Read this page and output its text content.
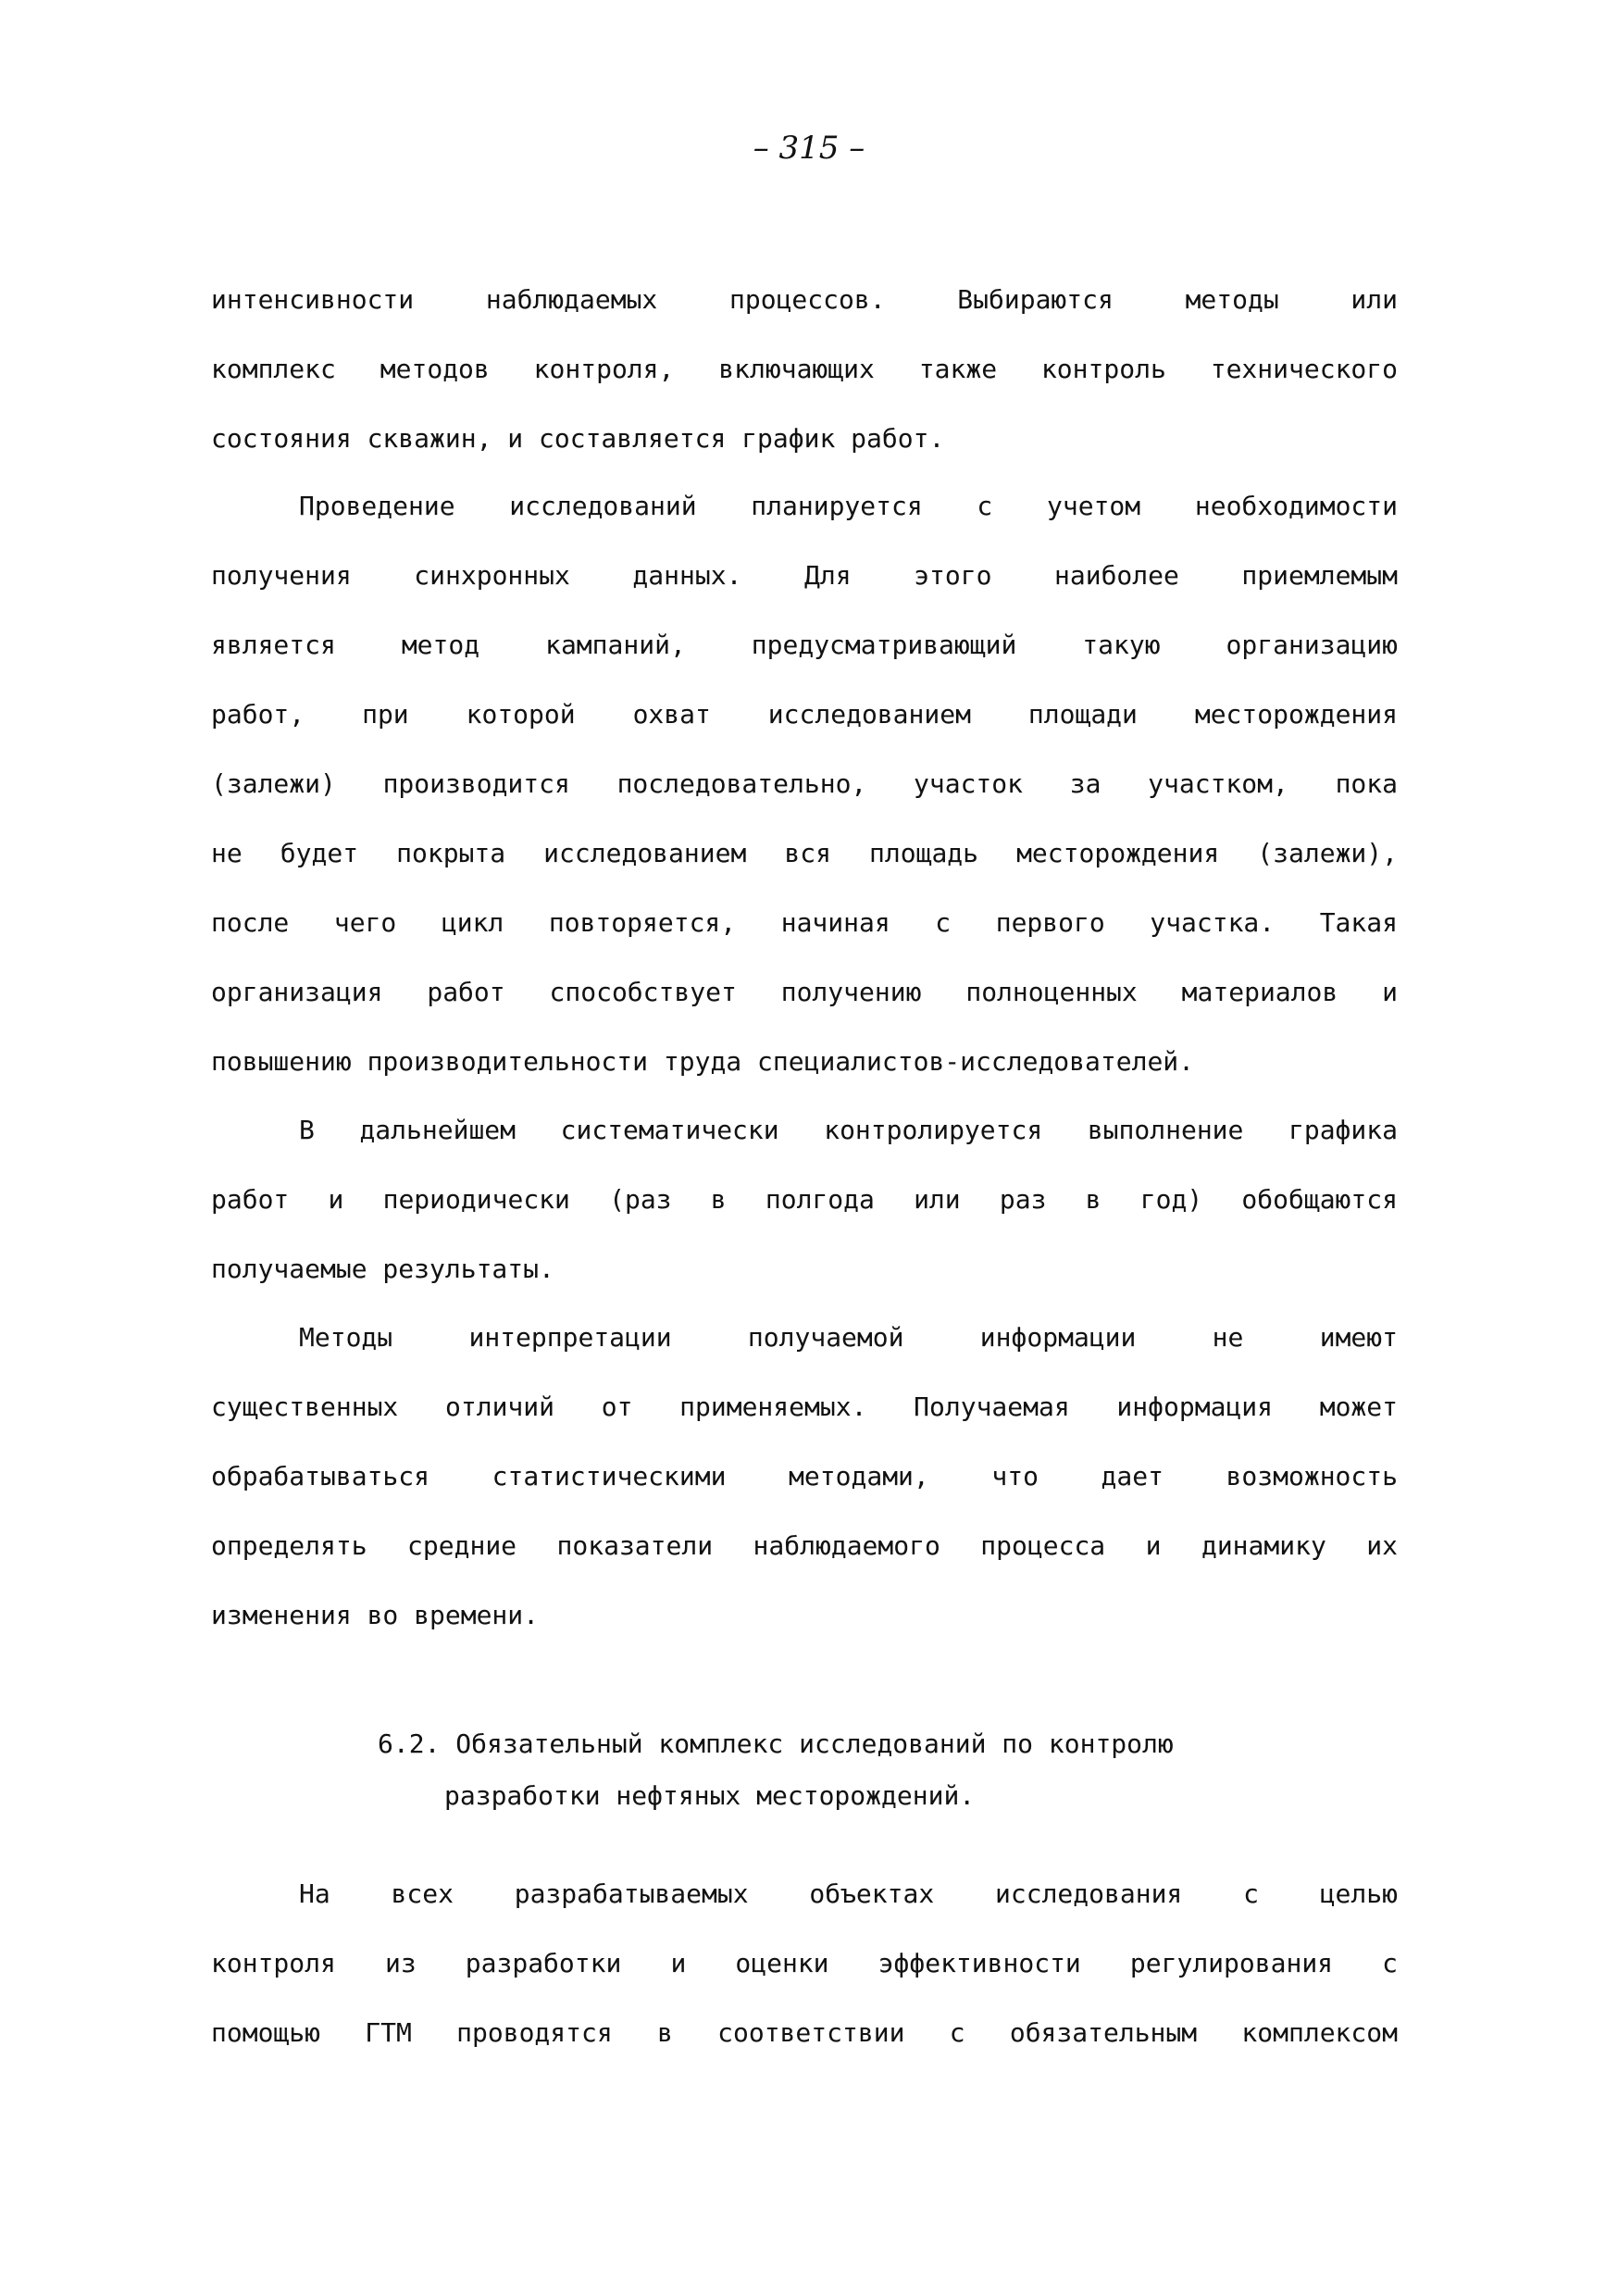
– 315 –
интенсивности наблюдаемых процессов. Выбираются методы или
комплекс методов контроля, включающих также контроль технического
состояния скважин, и составляется график работ.
Проведение исследований планируется с учетом необходимости
получения синхронных данных. Для этого наиболее приемлемым
является метод кампаний, предусматривающий такую организацию
работ, при которой охват исследованием площади месторождения
(залежи) производится последовательно, участок за участком, пока
не будет покрыта исследованием вся площадь месторождения (залежи),
после чего цикл повторяется, начиная с первого участка. Такая
организация работ способствует получению полноценных материалов и
повышению производительности труда специалистов-исследователей.
В дальнейшем систематически контролируется выполнение графика
работ и периодически (раз в полгода или раз в год) обобщаются
получаемые результаты.
Методы интерпретации получаемой информации не имеют
существенных отличий от применяемых. Получаемая информация может
обрабатываться статистическими методами, что дает возможность
определять средние показатели наблюдаемого процесса и динамику их
изменения во времени.
6.2. Обязательный комплекс исследований по контролю
разработки нефтяных месторождений.
На всех разрабатываемых объектах исследования с целью
контроля из разработки и оценки эффективности регулирования с
помощью ГТМ проводятся в соответствии с обязательным комплексом
